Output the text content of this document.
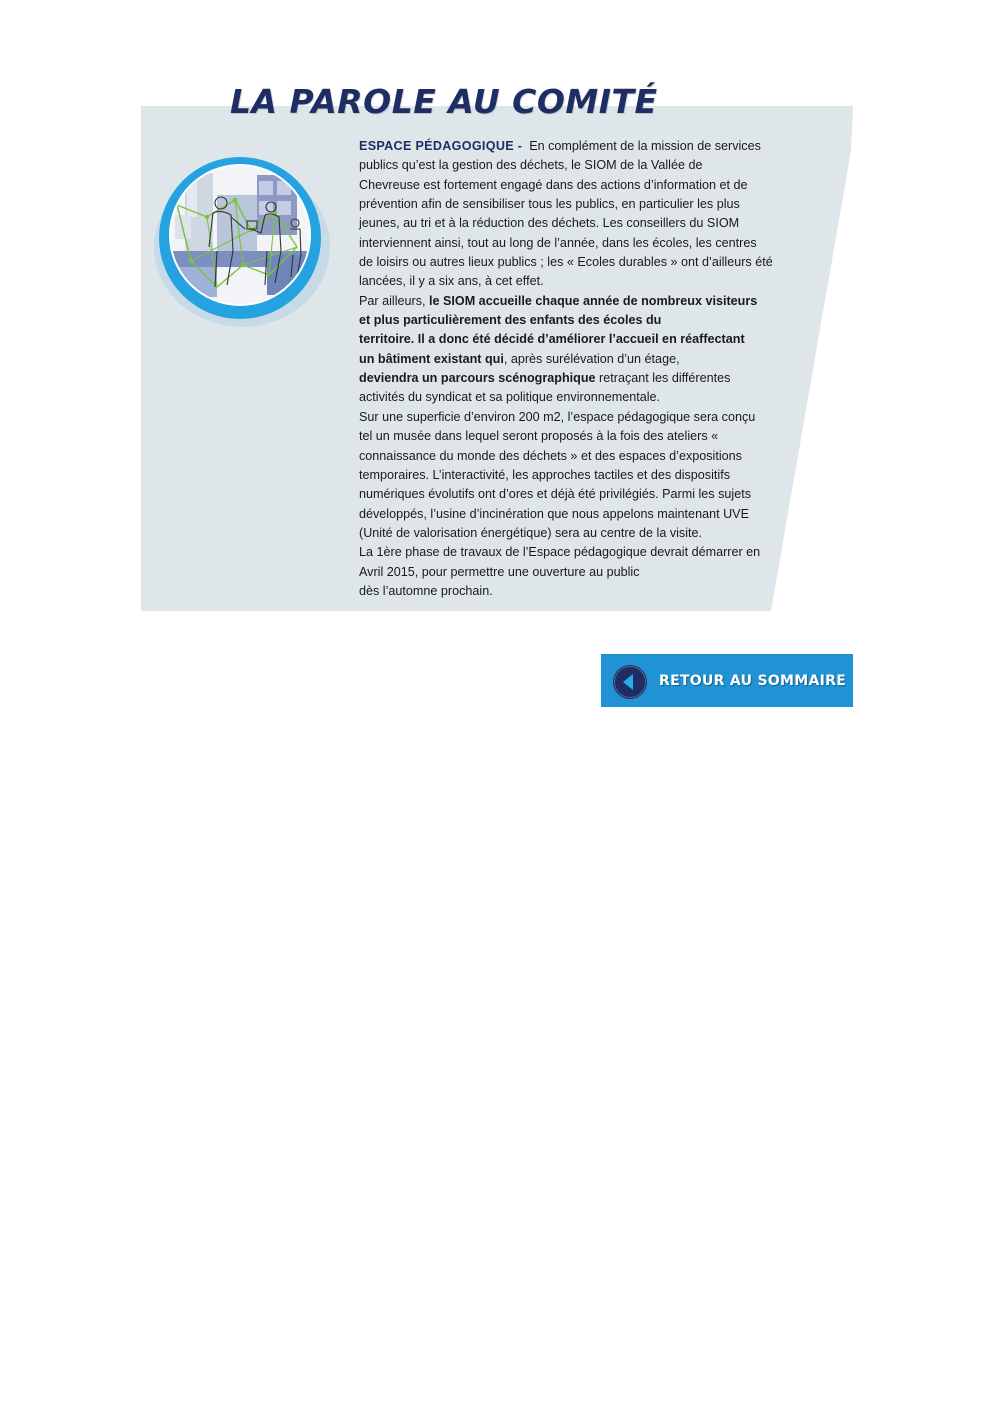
LA PAROLE AU COMITÉ
ESPACE PÉDAGOGIQUE - En complément de la mission de services
publics qu’est la gestion des déchets, le SIOM de la Vallée de
Chevreuse est fortement engagé dans des actions d’information et de
prévention afin de sensibiliser tous les publics, en particulier les plus
jeunes, au tri et à la réduction des déchets. Les conseillers du SIOM
interviennent ainsi, tout au long de l’année, dans les écoles, les centres
de loisirs ou autres lieux publics ; les « Ecoles durables » ont d’ailleurs été
lancées, il y a six ans, à cet effet.
Par ailleurs, le SIOM accueille chaque année de nombreux visiteurs
et plus particulièrement des enfants des écoles du
territoire. Il a donc été décidé d’améliorer l’accueil en réaffectant
un bâtiment existant qui, après surélévation d’un étage,
deviendra un parcours scénographique retraçant les différentes
activités du syndicat et sa politique environnementale.
Sur une superficie d’environ 200 m2, l’espace pédagogique sera conçu
tel un musée dans lequel seront proposés à la fois des ateliers «
connaissance du monde des déchets » et des espaces d’expositions
temporaires. L’interactivité, les approches tactiles et des dispositifs
numériques évolutifs ont d’ores et déjà été privilégiés. Parmi les sujets
développés, l’usine d’incinération que nous appelons maintenant UVE
(Unité de valorisation énergétique) sera au centre de la visite.
La 1ère phase de travaux de l’Espace pédagogique devrait démarrer en
Avril 2015, pour permettre une ouverture au public
dès l’automne prochain.
RETOUR AU SOMMAIRE
